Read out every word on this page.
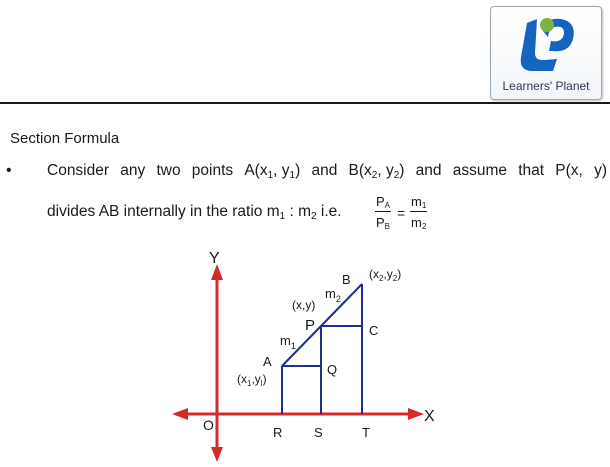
Learners' Planet
Section Formula
• Consider any two points $A(x_1$, $y_1$) and $B(x_2$, $y_2$) and assume that P(x, y)
divides AB internally in the ratio $m_1$ : $m_2$ i.e.	$\frac{P_A}{P_B} = \frac{m_1}{m_2}$
Y
X
O
B
P
A
Q
C
R S	T
$m_1$
$m_2$
(x,y)
$(x_1,y_l)$
$(x_2,y_2)$
